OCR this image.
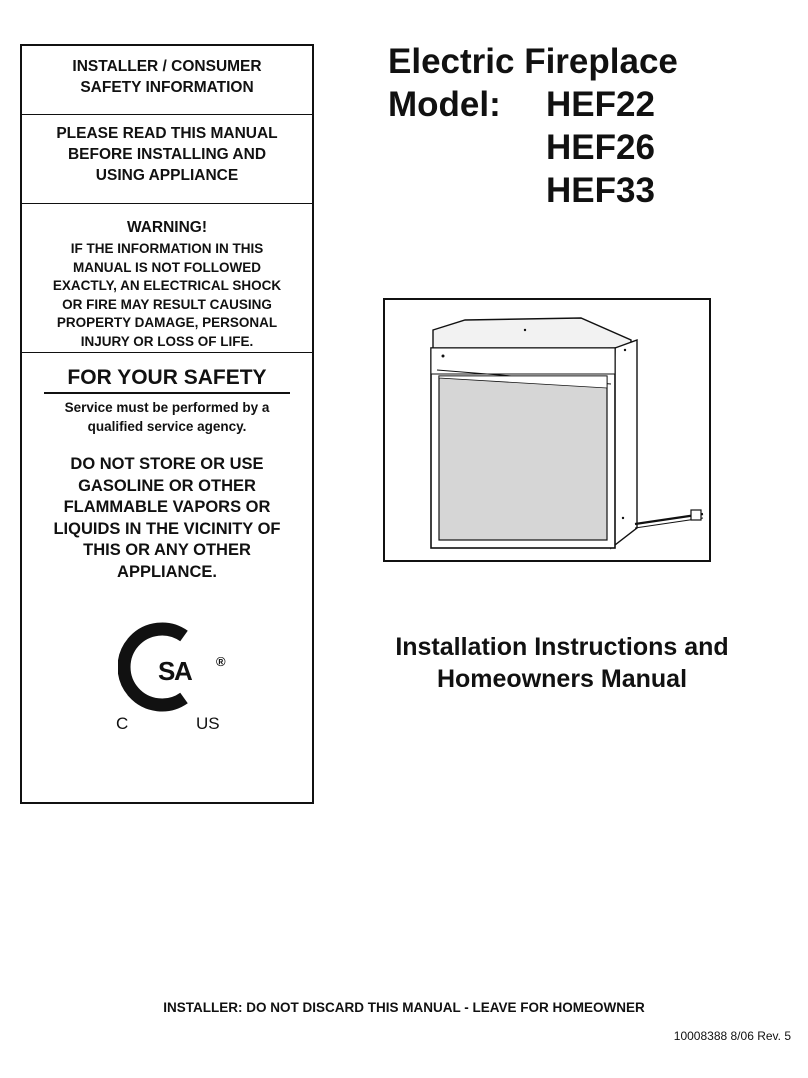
INSTALLER / CONSUMER
SAFETY INFORMATION
PLEASE READ THIS MANUAL
BEFORE INSTALLING AND
USING APPLIANCE
WARNING!
IF THE INFORMATION IN THIS
MANUAL IS NOT FOLLOWED
EXACTLY, AN ELECTRICAL SHOCK
OR FIRE MAY RESULT CAUSING
PROPERTY DAMAGE, PERSONAL
INJURY OR LOSS OF LIFE.
FOR YOUR SAFETY
Service must be performed by a
qualified service agency.
DO NOT STORE OR USE
GASOLINE OR OTHER
FLAMMABLE VAPORS OR
LIQUIDS IN THE VICINITY OF
THIS OR ANY OTHER
APPLIANCE.
S
A ®
C	US
Electric Fireplace
Model: HEF22
HEF26
HEF33
Installation Instructions and
Homeowners Manual
INSTALLER: DO NOT DISCARD THIS MANUAL - LEAVE FOR HOMEOWNER
10008388 8/06 Rev. 5
